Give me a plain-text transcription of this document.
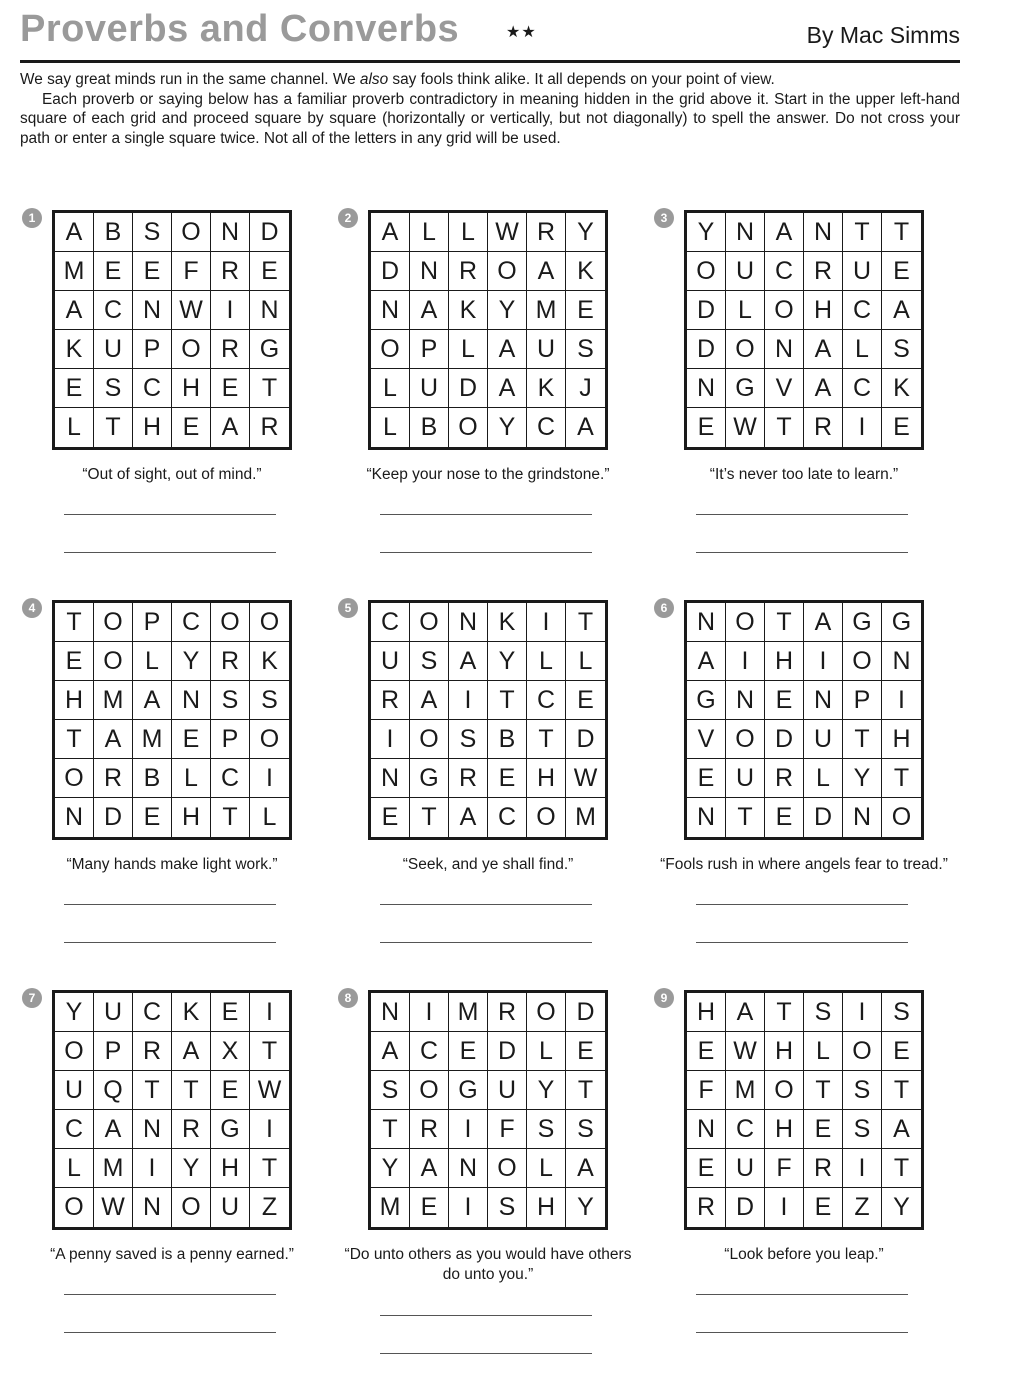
Proverbs and Converbs	★★	By Mac Simms

We say great minds run in the same channel. We also say fools think alike. It all depends on your point of view.

Each proverb or saying below has a familiar proverb contradictory in meaning hidden in the grid above it. Start in the upper left-hand square of each grid and proceed square by square (horizontally or vertically, but not diagonally) to spell the answer. Do not cross your path or enter a single square twice. Not all of the letters in any grid will be used.

1	A B S O N D
M E E F R E
A C N W I	N
K U P O R G
E S C H E T
L T H E A R
“Out of sight, out of mind.”
2	A L	L W R Y
D N R O A K
N A K Y M E
O P L A U S
L U D A K J
L B O Y C A
“Keep your nose to the grindstone.”
3	Y N A N T T
O U C R U E
D L O H C A
D O N A L S
N G V A C K
E W T R	I	E
“It’s never too late to learn.”
4	T O P C O O
E O L Y R K
H M A N S S
T A M E P O
O R B L C	I
N D E H T L
“Many hands make light work.”
5	C O N K	I	T
U S A Y L	L
R A	I	T C E
I	O S B T D
N G R E H W
E T A C O M
“Seek, and ye shall find.”
6	N O T A G G
A	I	H	I	O N
G N E N P	I
V O D U T H
E U R L Y T
N T E D N O
“Fools rush in where angels fear to tread.”
7	Y U C K E	I
O P R A X T
U Q T T E W
C A N R G	I
L M	I	Y H T
O W N O U Z
“A penny saved is a penny earned.”
8	N	I	M R O D
A C E D L E
S O G U Y T
T R	I	F S S
Y A N O L A
M E	I	S H Y
“Do unto others as you would have others do unto you.”
9	H A T S	I	S
E W H L O E
F M O T S T
N C H E S A
E U F R	I	T
R D	I	E Z Y
“Look before you leap.”
